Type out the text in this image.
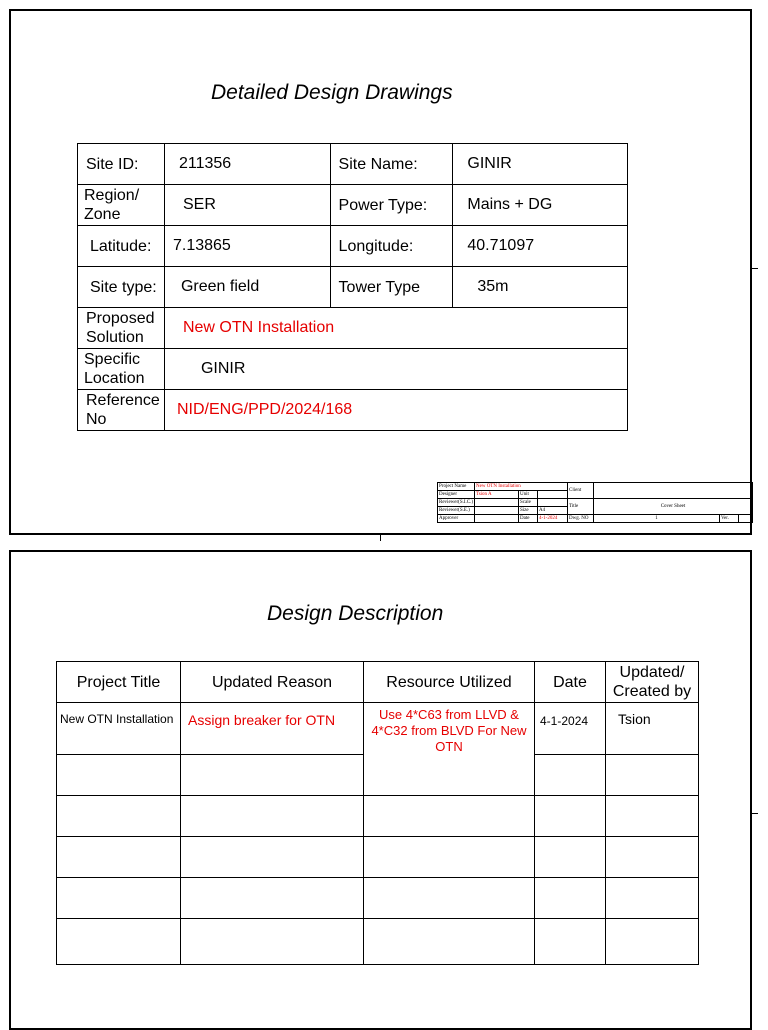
Detailed Design Drawings
Site ID:	211356	Site Name:	GINIR
Region/ Zone	SER	Power Type:	Mains + DG
Latitude:	7.13865	Longitude:	40.71097
Site type:	Green field	Tower Type	35m
Proposed Solution	New OTN Installation		
Specific Location	GINIR		
Reference No	NID/ENG/PPD/2024/168		
Project Name	New OTN Installation			Client			
Designer	Tsion A	Unit					
Reviewer(S.I.C.)		Scale		Title	Cover Sheet		
Reviewer(S.E.)		Size	A4				
Approver		Date	4-1-2024	Dwg. NO	1	Ver.	
Design Description
Project Title	Updated Reason	Resource Utilized	Date	Updated/ Created by
New OTN Installation	Assign breaker for OTN	Use 4*C63 from LLVD & 4*C32 from BLVD For New OTN	4-1-2024	Tsion
